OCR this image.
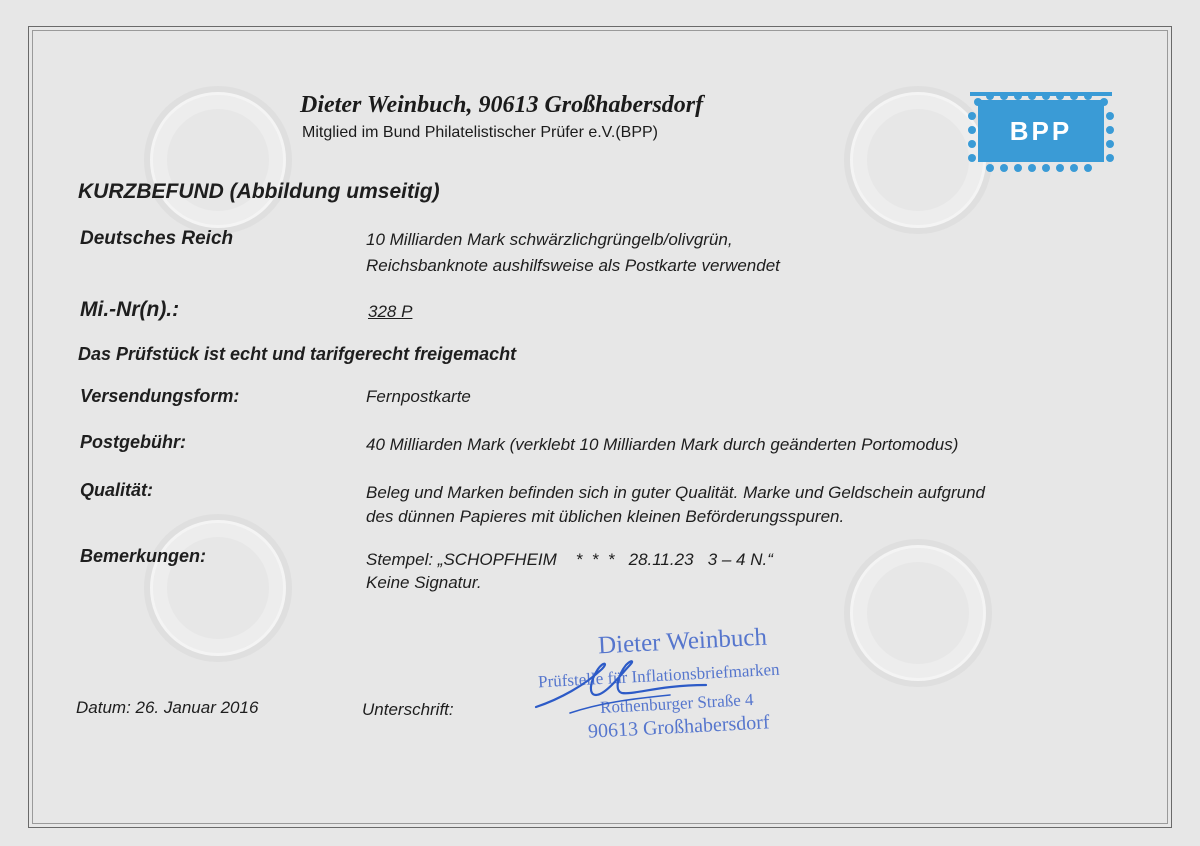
Dieter Weinbuch, 90613 Großhabersdorf
Mitglied im Bund Philatelistischer Prüfer e.V.(BPP)	BPP
KURZBEFUND (Abbildung umseitig)
Deutsches Reich	10 Milliarden Mark schwärzlichgrüngelb/olivgrün,
Reichsbanknote aushilfsweise als Postkarte verwendet
Mi.-Nr(n).:	328 P
Das Prüfstück ist echt und tarifgerecht freigemacht
Versendungsform:	Fernpostkarte
Postgebühr:	40 Milliarden Mark (verklebt 10 Milliarden Mark durch geänderten Portomodus)
Qualität:	Beleg und Marken befinden sich in guter Qualität. Marke und Geldschein aufgrund
des dünnen Papieres mit üblichen kleinen Beförderungsspuren.
Bemerkungen:	Stempel: „SCHOPFHEIM    *  *  *   28.11.23   3 – 4 N.“
Keine Signatur.
Datum: 26. Januar 2016	Unterschrift:
Dieter Weinbuch
Prüfstelle für Inflationsbriefmarken
Rothenburger Straße 4
90613 Großhabersdorf
